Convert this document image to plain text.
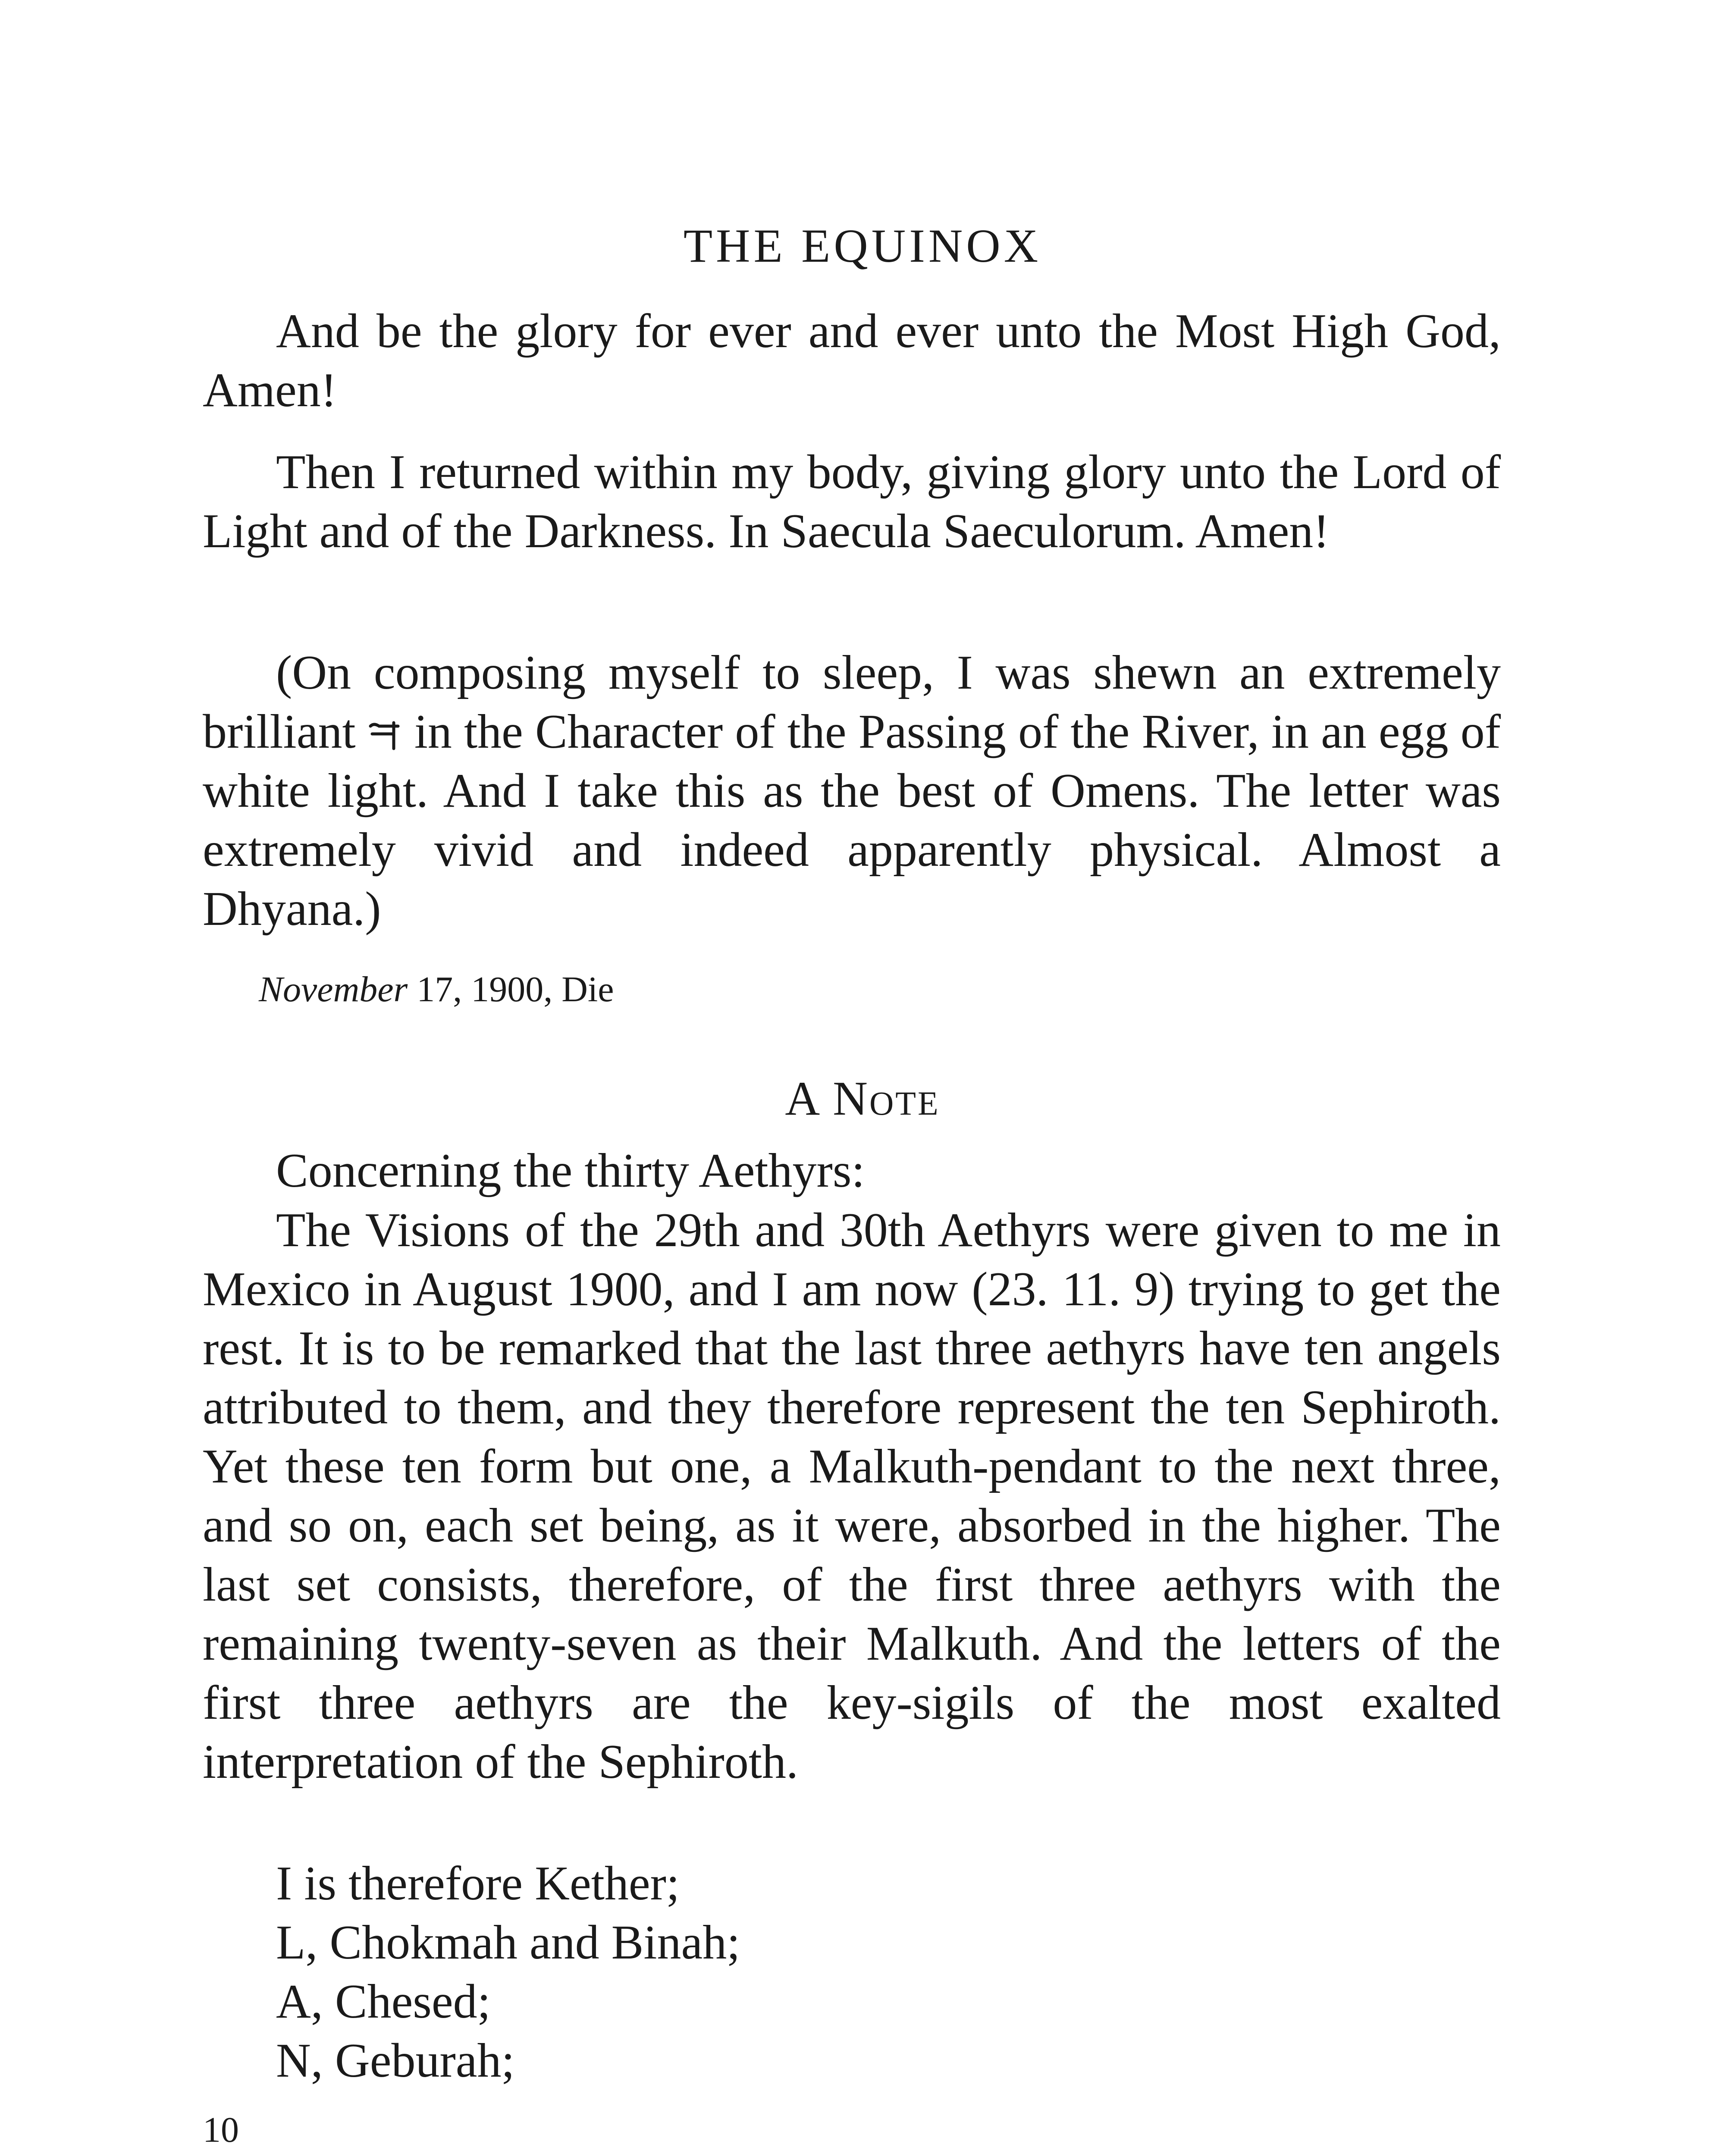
THE EQUINOX

And be the glory for ever and ever unto the Most High God, Amen!

Then I returned within my body, giving glory unto the Lord of Light and of the Darkness. In Saecula Saeculorum. Amen!

(On composing myself to sleep, I was shewn an extremely brilliant in the Character of the Passing of the River, in an egg of white light. And I take this as the best of Omens. The letter was extremely vivid and indeed apparently physical. Almost a Dhyana.)

November 17, 1900, Die
A Note

Concerning the thirty Aethyrs:

The Visions of the 29th and 30th Aethyrs were given to me in Mexico in August 1900, and I am now (23. 11. 9) trying to get the rest. It is to be remarked that the last three aethyrs have ten angels attributed to them, and they therefore represent the ten Sephiroth. Yet these ten form but one, a Malkuth-pendant to the next three, and so on, each set being, as it were, absorbed in the higher. The last set consists, therefore, of the first three aethyrs with the remaining twenty-seven as their Malkuth. And the letters of the first three aethyrs are the key-sigils of the most exalted interpretation of the Sephiroth.

I is therefore Kether;
L, Chokmah and Binah;
A, Chesed;
N, Geburah;
10
